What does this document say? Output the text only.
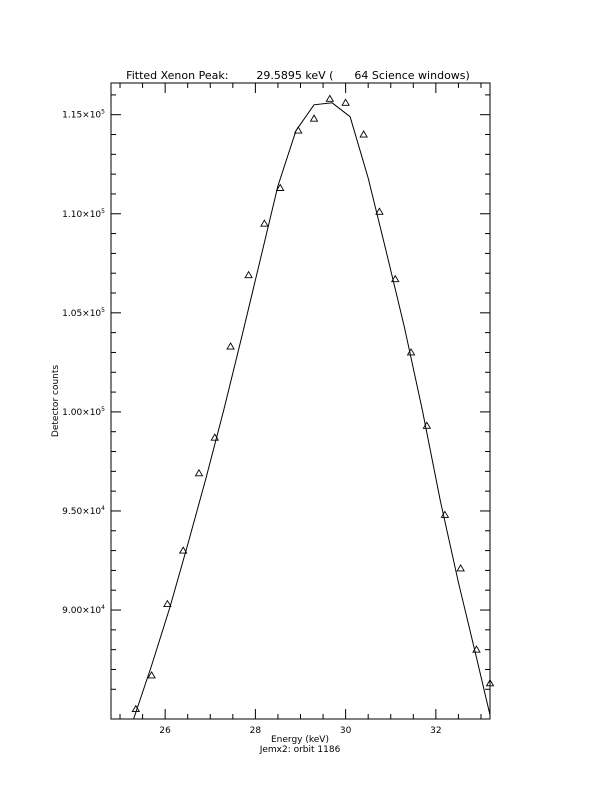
Fitted Xenon Peak:        29.5895 keV (      64 Science windows)
$9.00\times 10^4$
$9.50\times 10^4$
$1.00\times 10^5$
$1.05\times 10^5$
$1.10\times 10^5$
$1.15\times 10^5$
26	28	30	32
Energy (keV)
Jemx2: orbit 1186
Detector counts
